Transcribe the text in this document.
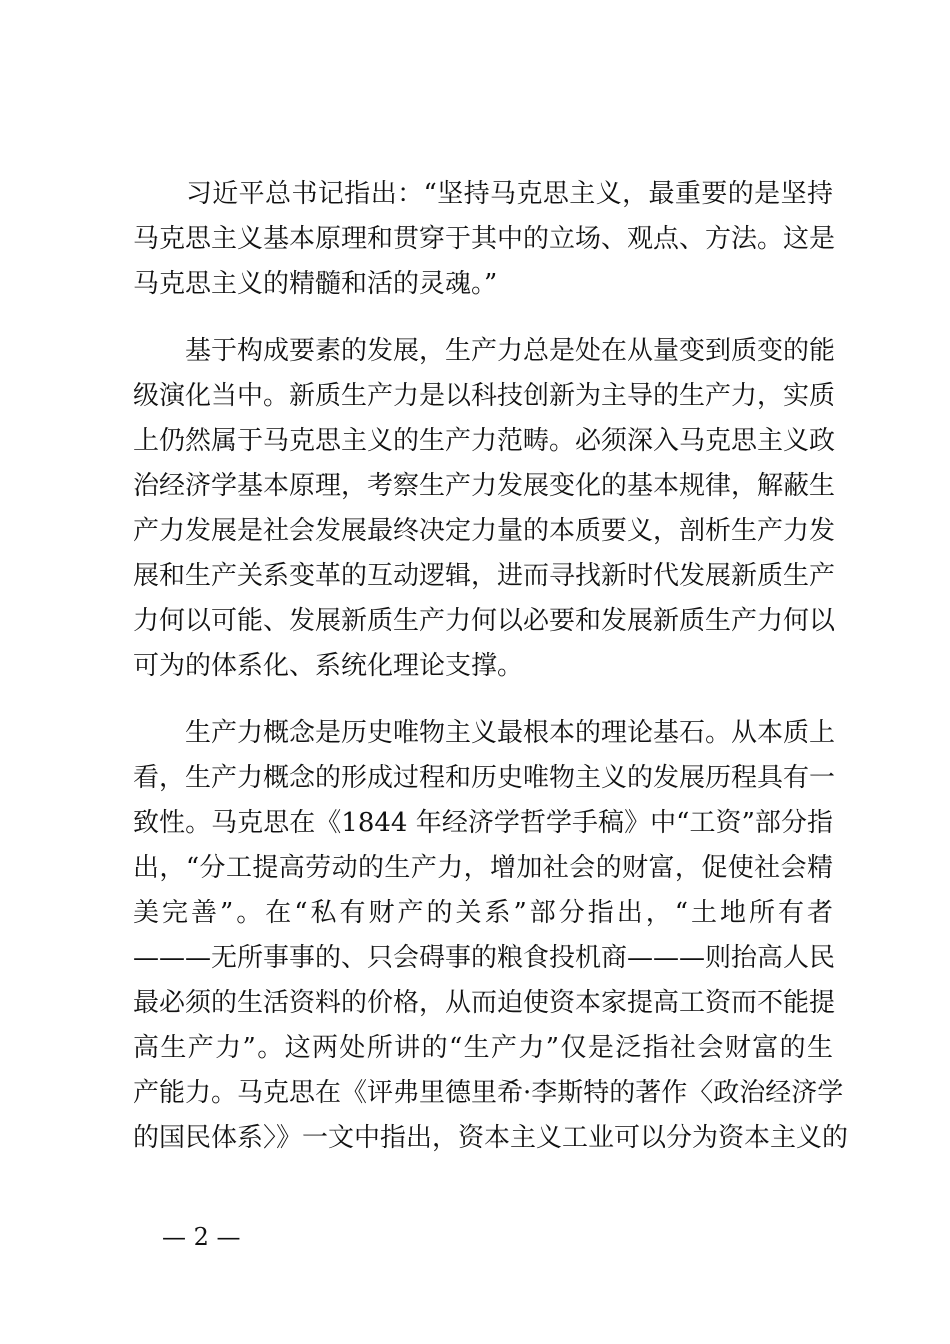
　　习近平总书记指出：“坚持马克思主义，最重要的是坚持
马克思主义基本原理和贯穿于其中的立场、观点、方法。这是
马克思主义的精髓和活的灵魂。”
　　基于构成要素的发展，生产力总是处在从量变到质变的能
级演化当中。新质生产力是以科技创新为主导的生产力，实质
上仍然属于马克思主义的生产力范畴。必须深入马克思主义政
治经济学基本原理，考察生产力发展变化的基本规律，解蔽生
产力发展是社会发展最终决定力量的本质要义，剖析生产力发
展和生产关系变革的互动逻辑，进而寻找新时代发展新质生产
力何以可能、发展新质生产力何以必要和发展新质生产力何以
可为的体系化、系统化理论支撑。
　　生产力概念是历史唯物主义最根本的理论基石。从本质上
看，生产力概念的形成过程和历史唯物主义的发展历程具有一
致性。马克思在《1844 年经济学哲学手稿》中“工资”部分指
出，“分工提高劳动的生产力，增加社会的财富，促使社会精
美完善”。在“私有财产的关系”部分指出，“土地所有者
———无所事事的、只会碍事的粮食投机商———则抬高人民
最必须的生活资料的价格，从而迫使资本家提高工资而不能提
高生产力”。这两处所讲的“生产力”仅是泛指社会财富的生
产能力。马克思在《评弗里德里希·李斯特的著作〈政治经济学
的国民体系〉》一文中指出，资本主义工业可以分为资本主义的
— 2 —
